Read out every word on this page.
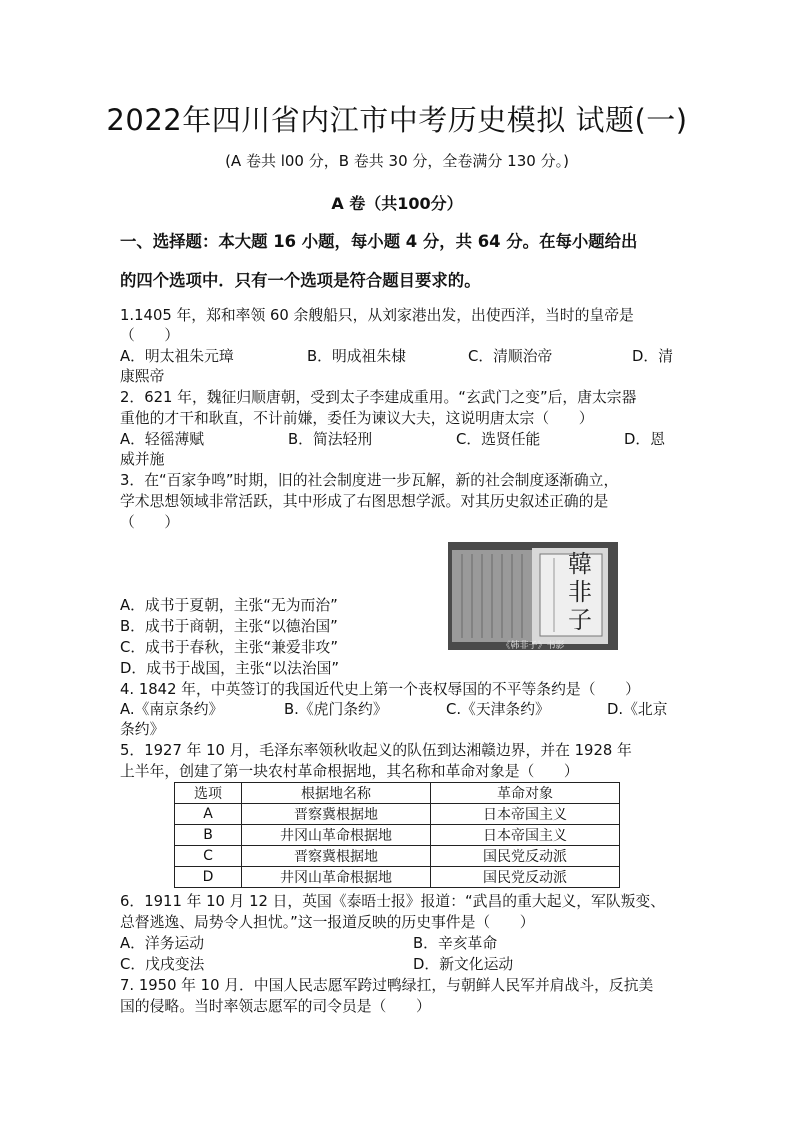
2022年四川省内江市中考历史模拟 试题(一)
(A 卷共 l00 分，B 卷共 30 分，全卷满分 130 分。)
A 卷（共100分）
一、选择题：本大题 16 小题，每小题 4 分，共 64 分。在每小题给出
的四个选项中．只有一个选项是符合题目要求的。
1.1405 年，郑和率领 60 余艘船只，从刘家港出发，出使西洋，当时的皇帝是
（　　）
A．明太祖朱元璋	B．明成祖朱棣	C．清顺治帝	D．清
康熙帝
2．621 年，魏征归顺唐朝，受到太子李建成重用。“玄武门之变”后，唐太宗器
重他的才干和耿直，不计前嫌，委任为谏议大夫，这说明唐太宗（　　）
A．轻徭薄赋	B．简法轻刑	C．选贤任能	D．恩
威并施
3．在“百家争鸣”时期，旧的社会制度进一步瓦解，新的社会制度逐渐确立，
学术思想领域非常活跃，其中形成了右图思想学派。对其历史叙述正确的是
（　　）
韓
非
子
《韩非子》书影
A．成书于夏朝，主张“无为而治”
B．成书于商朝，主张“以德治国”
C．成书于春秋，主张“兼爱非攻”
D．成书于战国，主张“以法治国”
4. 1842 年，中英签订的我国近代史上第一个丧权辱国的不平等条约是（　　）
A.《南京条约》	B.《虎门条约》	C.《天津条约》	D.《北京
条约》
5．1927 年 10 月，毛泽东率领秋收起义的队伍到达湘赣边界，并在 1928 年
上半年，创建了第一块农村革命根据地，其名称和革命对象是（　　）
选项	根据地名称	革命对象
A	晋察冀根据地	日本帝国主义
B	井冈山革命根据地	日本帝国主义
C	晋察冀根据地	国民党反动派
D	井冈山革命根据地	国民党反动派
6．1911 年 10 月 12 日，英国《泰晤士报》报道：“武昌的重大起义，军队叛变、
总督逃逸、局势令人担忧。”这一报道反映的历史事件是（　　）
A．洋务运动	B．辛亥革命
C．戊戌变法	D．新文化运动
7. 1950 年 10 月．中国人民志愿军跨过鸭绿扛，与朝鲜人民军并肩战斗，反抗美
国的侵略。当时率领志愿军的司令员是（　　）
